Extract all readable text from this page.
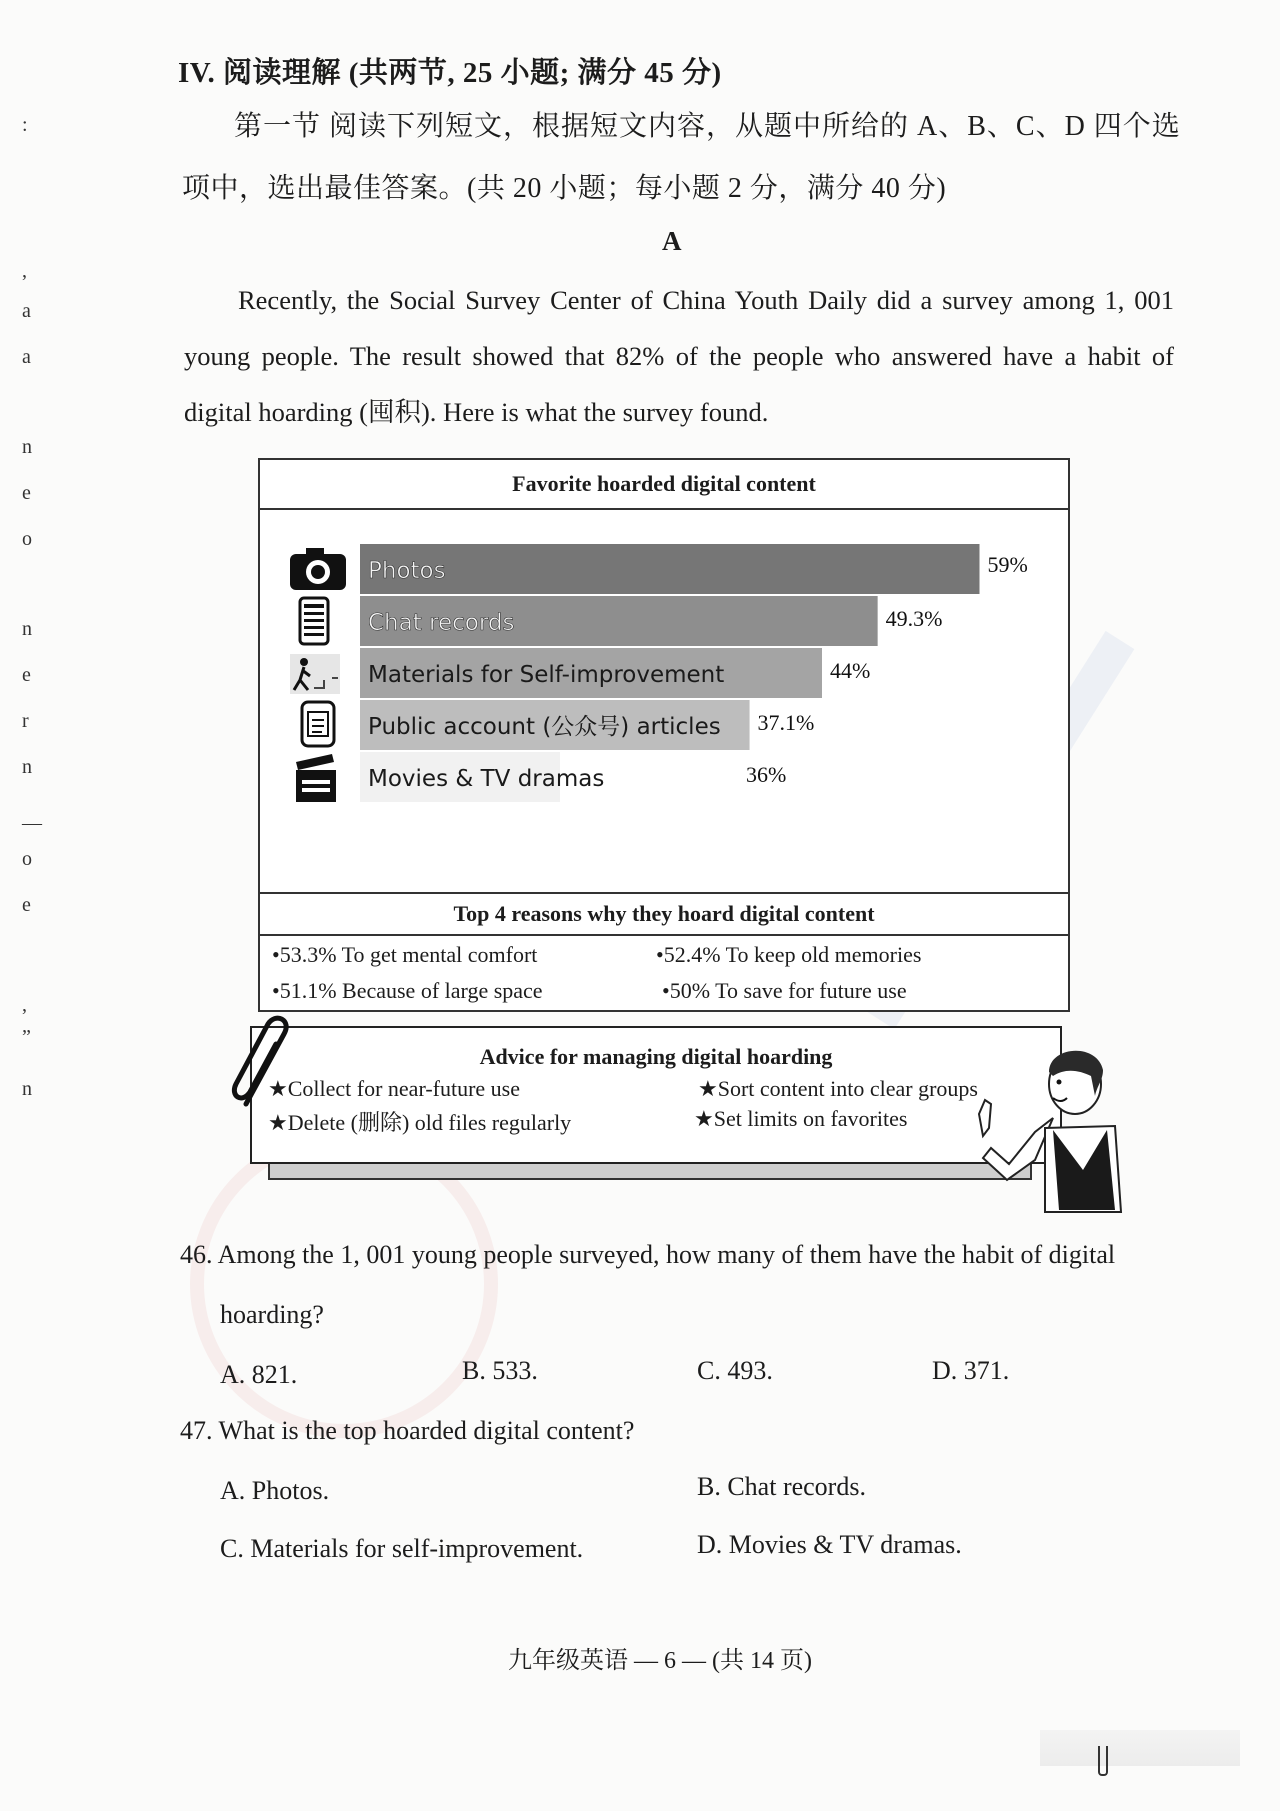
:
,
a
a
n
e
o
n
e
r
n
—
o
e
,
”
n
IV. 阅读理解 (共两节, 25 小题; 满分 45 分)
第一节 阅读下列短文，根据短文内容，从题中所给的 A、B、C、D 四个选
项中，选出最佳答案。(共 20 小题；每小题 2 分，满分 40 分)
A
Recently, the Social Survey Center of China Youth Daily did a survey among 1, 001 young people. The result showed that 82% of the people who answered have a habit of digital hoarding (囤积). Here is what the survey found.
Favorite hoarded digital content
Photos	59%
Chat records	49.3%
Materials for Self-improvement	44%
Public account (公众号) articles 37.1%
Movies & TV dramas	36%
Top 4 reasons why they hoard digital content
•53.3% To get mental comfort	•52.4% To keep old memories
•51.1% Because of large space	•50% To save for future use
Advice for managing digital hoarding
★Collect for near-future use	★Sort content into clear groups
★Delete (删除) old files regularly	★Set limits on favorites
46. Among the 1, 001 young people surveyed, how many of them have the habit of digital
hoarding?
A. 821.	B. 533.	C. 493.	D. 371.
47. What is the top hoarded digital content?
A. Photos.	B. Chat records.
C. Materials for self-improvement.	D. Movies & TV dramas.
九年级英语 — 6 — (共 14 页)
